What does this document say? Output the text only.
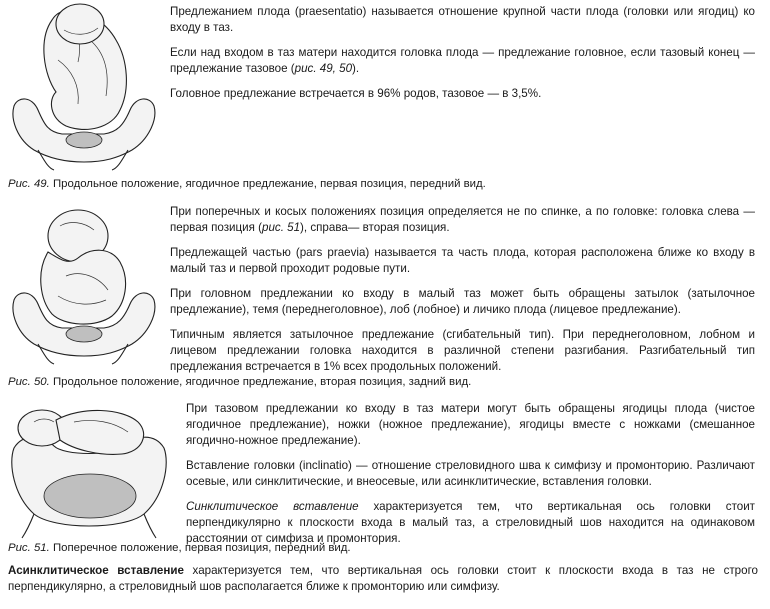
Предлежанием плода (praesentatio) называется отношение крупной части плода (головки или ягодиц) ко входу в таз.

Если над входом в таз матери находится головка плода — предлежание головное, если тазовый конец — предлежание тазовое (рис. 49, 50).

Головное предлежание встречается в 96% родов, тазовое — в 3,5%.

Рис. 49. Продольное положение, ягодичное предлежание, первая позиция, передний вид.

При поперечных и косых положениях позиция определяется не по спинке, а по головке: головка слева — первая позиция (рис. 51), справа— вторая позиция.

Предлежащей частью (pars praevia) называется та часть плода, которая расположена ближе ко входу в малый таз и первой проходит родовые пути.

При головном предлежании ко входу в малый таз может быть обращены затылок (затылочное предлежание), темя (переднеголовное), лоб (лобное) и личико плода (лицевое предлежание).

Типичным является затылочное предлежание (сгибательный тип). При переднеголовном, лобном и лицевом предлежании головка находится в различной степени разгибания. Разгибательный тип предлежания встречается в 1% всех продольных положений.

Рис. 50. Продольное положение, ягодичное предлежание, вторая позиция, задний вид.

При тазовом предлежании ко входу в таз матери могут быть обращены ягодицы плода (чистое ягодичное предлежание), ножки (ножное предлежание), ягодицы вместе с ножками (смешанное ягодично-ножное предлежание).

Вставление головки (inclinatio) — отношение стреловидного шва к симфизу и промонторию. Различают осевые, или синклитические, и внеосевые, или асинклитические, вставления головки.

Синклитическое вставление характеризуется тем, что вертикальная ось головки стоит перпендикулярно к плоскости входа в малый таз, а стреловидный шов находится на одинаковом расстоянии от симфиза и промонтория.

Рис. 51. Поперечное положение, первая позиция, передний вид.

Асинклитическое вставление характеризуется тем, что вертикальная ось головки стоит к плоскости входа в таз не строго перпендикулярно, а стреловидный шов располагается ближе к промонторию или симфизу.
